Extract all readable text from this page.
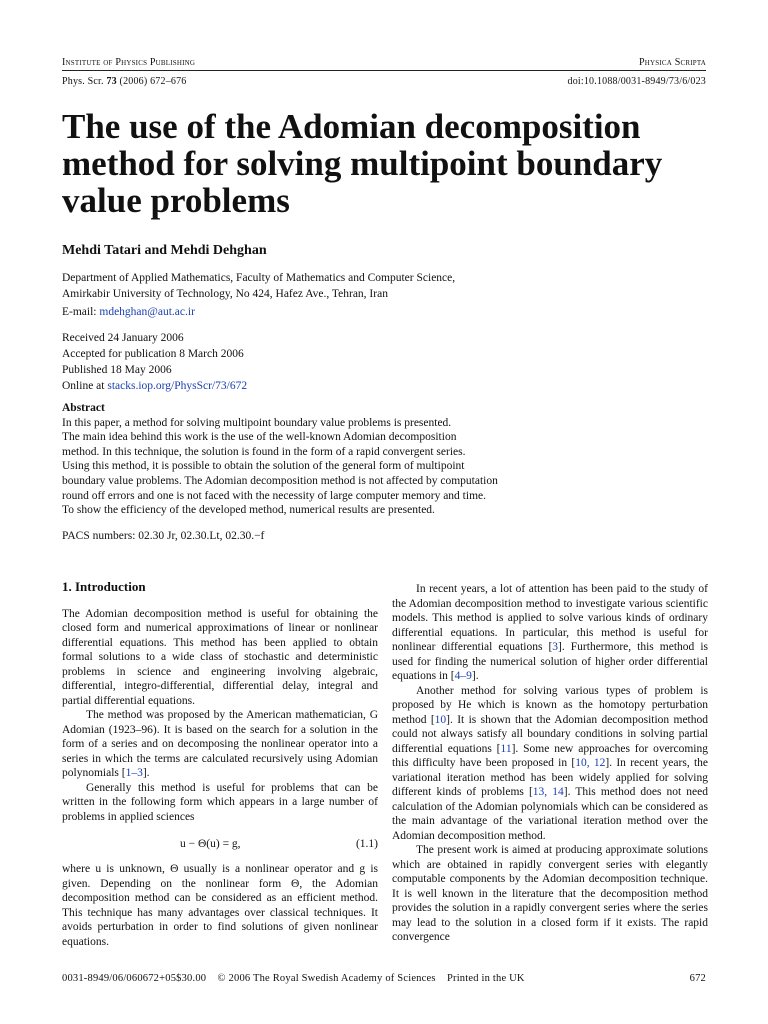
Institute of Physics Publishing	Physica Scripta
Phys. Scr. 73 (2006) 672–676	doi:10.1088/0031-8949/73/6/023
The use of the Adomian decomposition method for solving multipoint boundary value problems
Mehdi Tatari and Mehdi Dehghan
Department of Applied Mathematics, Faculty of Mathematics and Computer Science,
Amirkabir University of Technology, No 424, Hafez Ave., Tehran, Iran
E-mail: mdehghan@aut.ac.ir
Received 24 January 2006
Accepted for publication 8 March 2006
Published 18 May 2006
Online at stacks.iop.org/PhysScr/73/672
Abstract
In this paper, a method for solving multipoint boundary value problems is presented.
The main idea behind this work is the use of the well-known Adomian decomposition
method. In this technique, the solution is found in the form of a rapid convergent series.
Using this method, it is possible to obtain the solution of the general form of multipoint
boundary value problems. The Adomian decomposition method is not affected by computation
round off errors and one is not faced with the necessity of large computer memory and time.
To show the efficiency of the developed method, numerical results are presented.
PACS numbers: 02.30 Jr, 02.30.Lt, 02.30.−f
1. Introduction

The Adomian decomposition method is useful for obtaining the closed form and numerical approximations of linear or nonlinear differential equations. This method has been applied to obtain formal solutions to a wide class of stochastic and deterministic problems in science and engineering involving algebraic, differential, integro-differential, differential delay, integral and partial differential equations.

The method was proposed by the American mathematician, G Adomian (1923–96). It is based on the search for a solution in the form of a series and on decomposing the nonlinear operator into a series in which the terms are calculated recursively using Adomian polynomials [1–3].

Generally this method is useful for problems that can be written in the following form which appears in a large number of problems in applied sciences

u − Θ(u) = g,	(1.1)

where u is unknown, Θ usually is a nonlinear operator and g is given. Depending on the nonlinear form Θ, the Adomian decomposition method can be considered as an efficient method. This technique has many advantages over classical techniques. It avoids perturbation in order to find solutions of given nonlinear equations.

In recent years, a lot of attention has been paid to the study of the Adomian decomposition method to investigate various scientific models. This method is applied to solve various kinds of ordinary differential equations. In particular, this method is useful for nonlinear differential equations [3]. Furthermore, this method is used for finding the numerical solution of higher order differential equations in [4–9].

Another method for solving various types of problem is proposed by He which is known as the homotopy perturbation method [10]. It is shown that the Adomian decomposition method could not always satisfy all boundary conditions in solving partial differential equations [11]. Some new approaches for overcoming this difficulty have been proposed in [10, 12]. In recent years, the variational iteration method has been widely applied for solving different kinds of problems [13, 14]. This method does not need calculation of the Adomian polynomials which can be considered as the main advantage of the variational iteration method over the Adomian decomposition method.

The present work is aimed at producing approximate solutions which are obtained in rapidly convergent series with elegantly computable components by the Adomian decomposition technique. It is well known in the literature that the decomposition method provides the solution in a rapidly convergent series where the series may lead to the solution in a closed form if it exists. The rapid convergence

0031-8949/06/060672+05$30.00 © 2006 The Royal Swedish Academy of Sciences Printed in the UK	672
